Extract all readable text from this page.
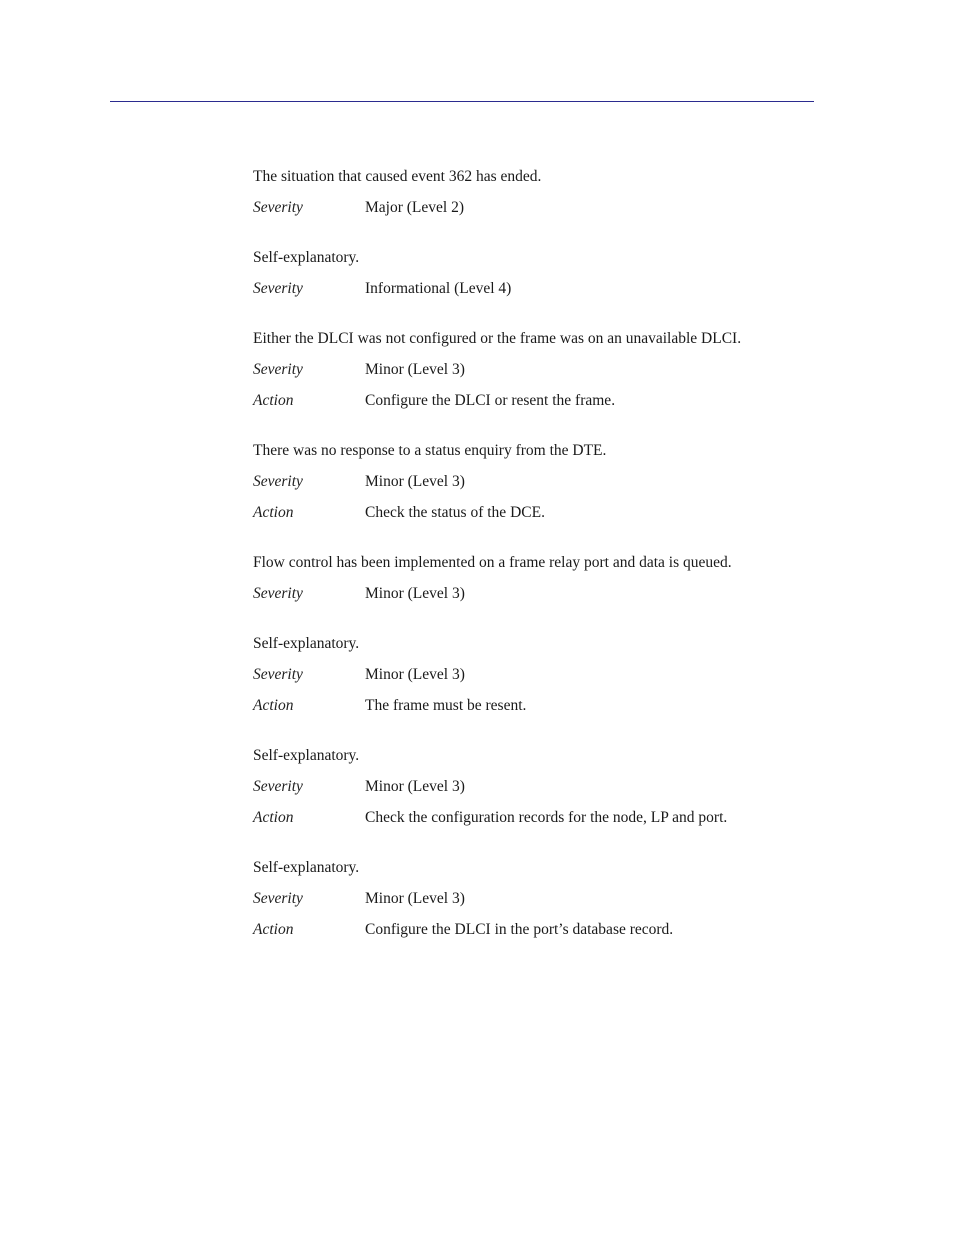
The situation that caused event 362 has ended.
Severity	Major (Level 2)
Self-explanatory.
Severity	Informational (Level 4)
Either the DLCI was not configured or the frame was on an unavailable DLCI.
Severity	Minor (Level 3)
Action	Configure the DLCI or resent the frame.
There was no response to a status enquiry from the DTE.
Severity	Minor (Level 3)
Action	Check the status of the DCE.
Flow control has been implemented on a frame relay port and data is queued.
Severity	Minor (Level 3)
Self-explanatory.
Severity	Minor (Level 3)
Action	The frame must be resent.
Self-explanatory.
Severity	Minor (Level 3)
Action	Check the configuration records for the node, LP and port.
Self-explanatory.
Severity	Minor (Level 3)
Action	Configure the DLCI in the port’s database record.
